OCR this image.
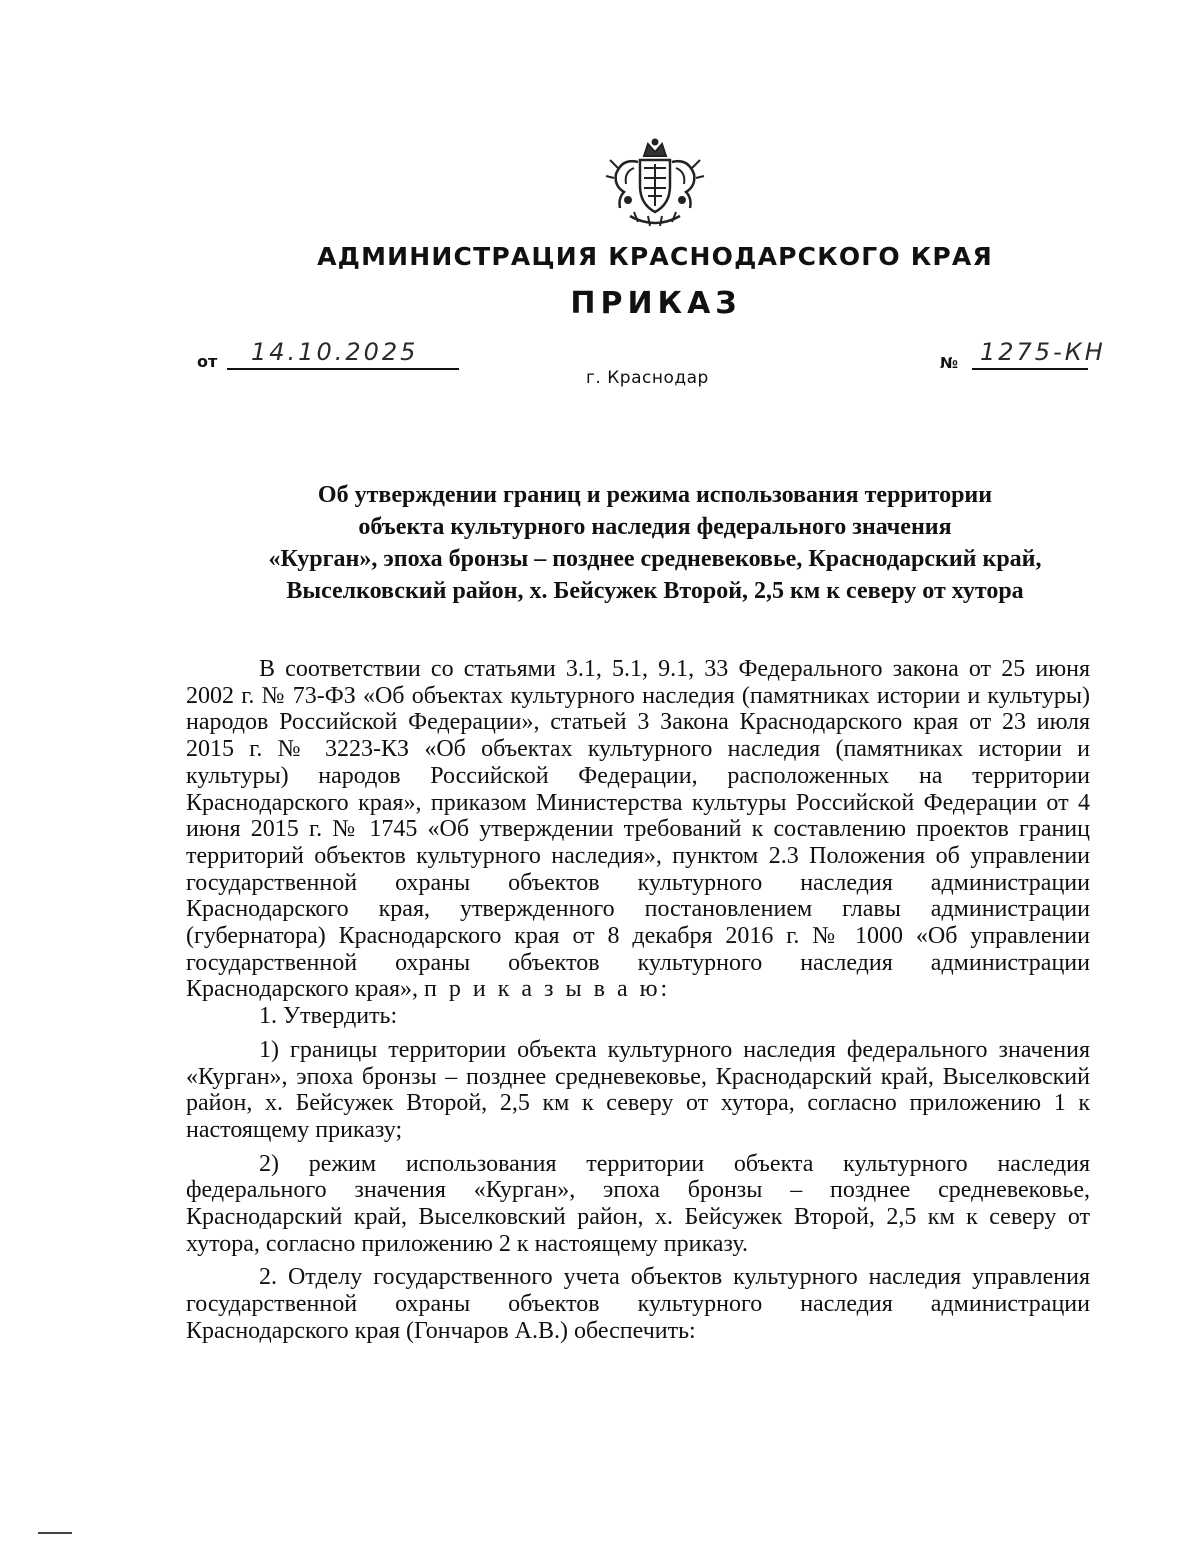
АДМИНИСТРАЦИЯ КРАСНОДАРСКОГО КРАЯ
ПРИКАЗ
от 14.10.2025
г. Краснодар
№ 1275-КН
Об утверждении границ и режима использования территории
объекта культурного наследия федерального значения
«Курган», эпоха бронзы – позднее средневековье, Краснодарский край,
Выселковский район, х. Бейсужек Второй, 2,5 км к северу от хутора

В соответствии со статьями 3.1, 5.1, 9.1, 33 Федерального закона от 25 июня 2002 г. № 73-ФЗ «Об объектах культурного наследия (памятниках истории и культуры) народов Российской Федерации», статьей 3 Закона Краснодарского края от 23 июля 2015 г. № 3223-КЗ «Об объектах культурного наследия (памятниках истории и культуры) народов Российской Федерации, расположенных на территории Краснодарского края», приказом Министерства культуры Российской Федерации от 4 июня 2015 г. № 1745 «Об утверждении требований к составлению проектов границ территорий объектов культурного наследия», пунктом 2.3 Положения об управлении государственной охраны объектов культурного наследия администрации Краснодарского края, утвержденного постановлением главы администрации (губернатора) Краснодарского края от 8 декабря 2016 г. № 1000 «Об управлении государственной охраны объектов культурного наследия администрации Краснодарского края», п р и к а з ы в а ю:

1. Утвердить:

1) границы территории объекта культурного наследия федерального значения «Курган», эпоха бронзы – позднее средневековье, Краснодарский край, Выселковский район, х. Бейсужек Второй, 2,5 км к северу от хутора, согласно приложению 1 к настоящему приказу;

2) режим использования территории объекта культурного наследия федерального значения «Курган», эпоха бронзы – позднее средневековье, Краснодарский край, Выселковский район, х. Бейсужек Второй, 2,5 км к северу от хутора, согласно приложению 2 к настоящему приказу.

2. Отделу государственного учета объектов культурного наследия управления государственной охраны объектов культурного наследия администрации Краснодарского края (Гончаров А.В.) обеспечить:
